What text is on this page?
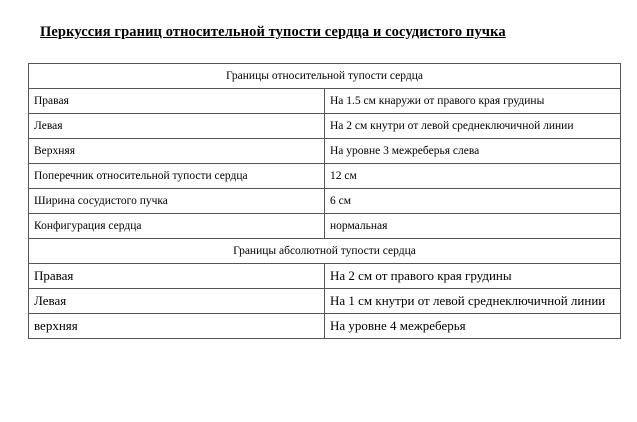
Перкуссия границ относительной тупости сердца и сосудистого пучка
Границы относительной тупости сердца	
Правая	На 1.5 см кнаружи от правого края грудины
Левая	На 2 см кнутри от левой среднеключичной линии
Верхняя	На уровне 3 межреберья слева
Поперечник относительной тупости сердца	12 см
Ширина сосудистого пучка	6 см
Конфигурация сердца	нормальная
Границы абсолютной тупости сердца	
Правая	На 2 см от правого края грудины
Левая	На 1 см кнутри от левой среднеключичной линии
верхняя	На уровне 4 межреберья
